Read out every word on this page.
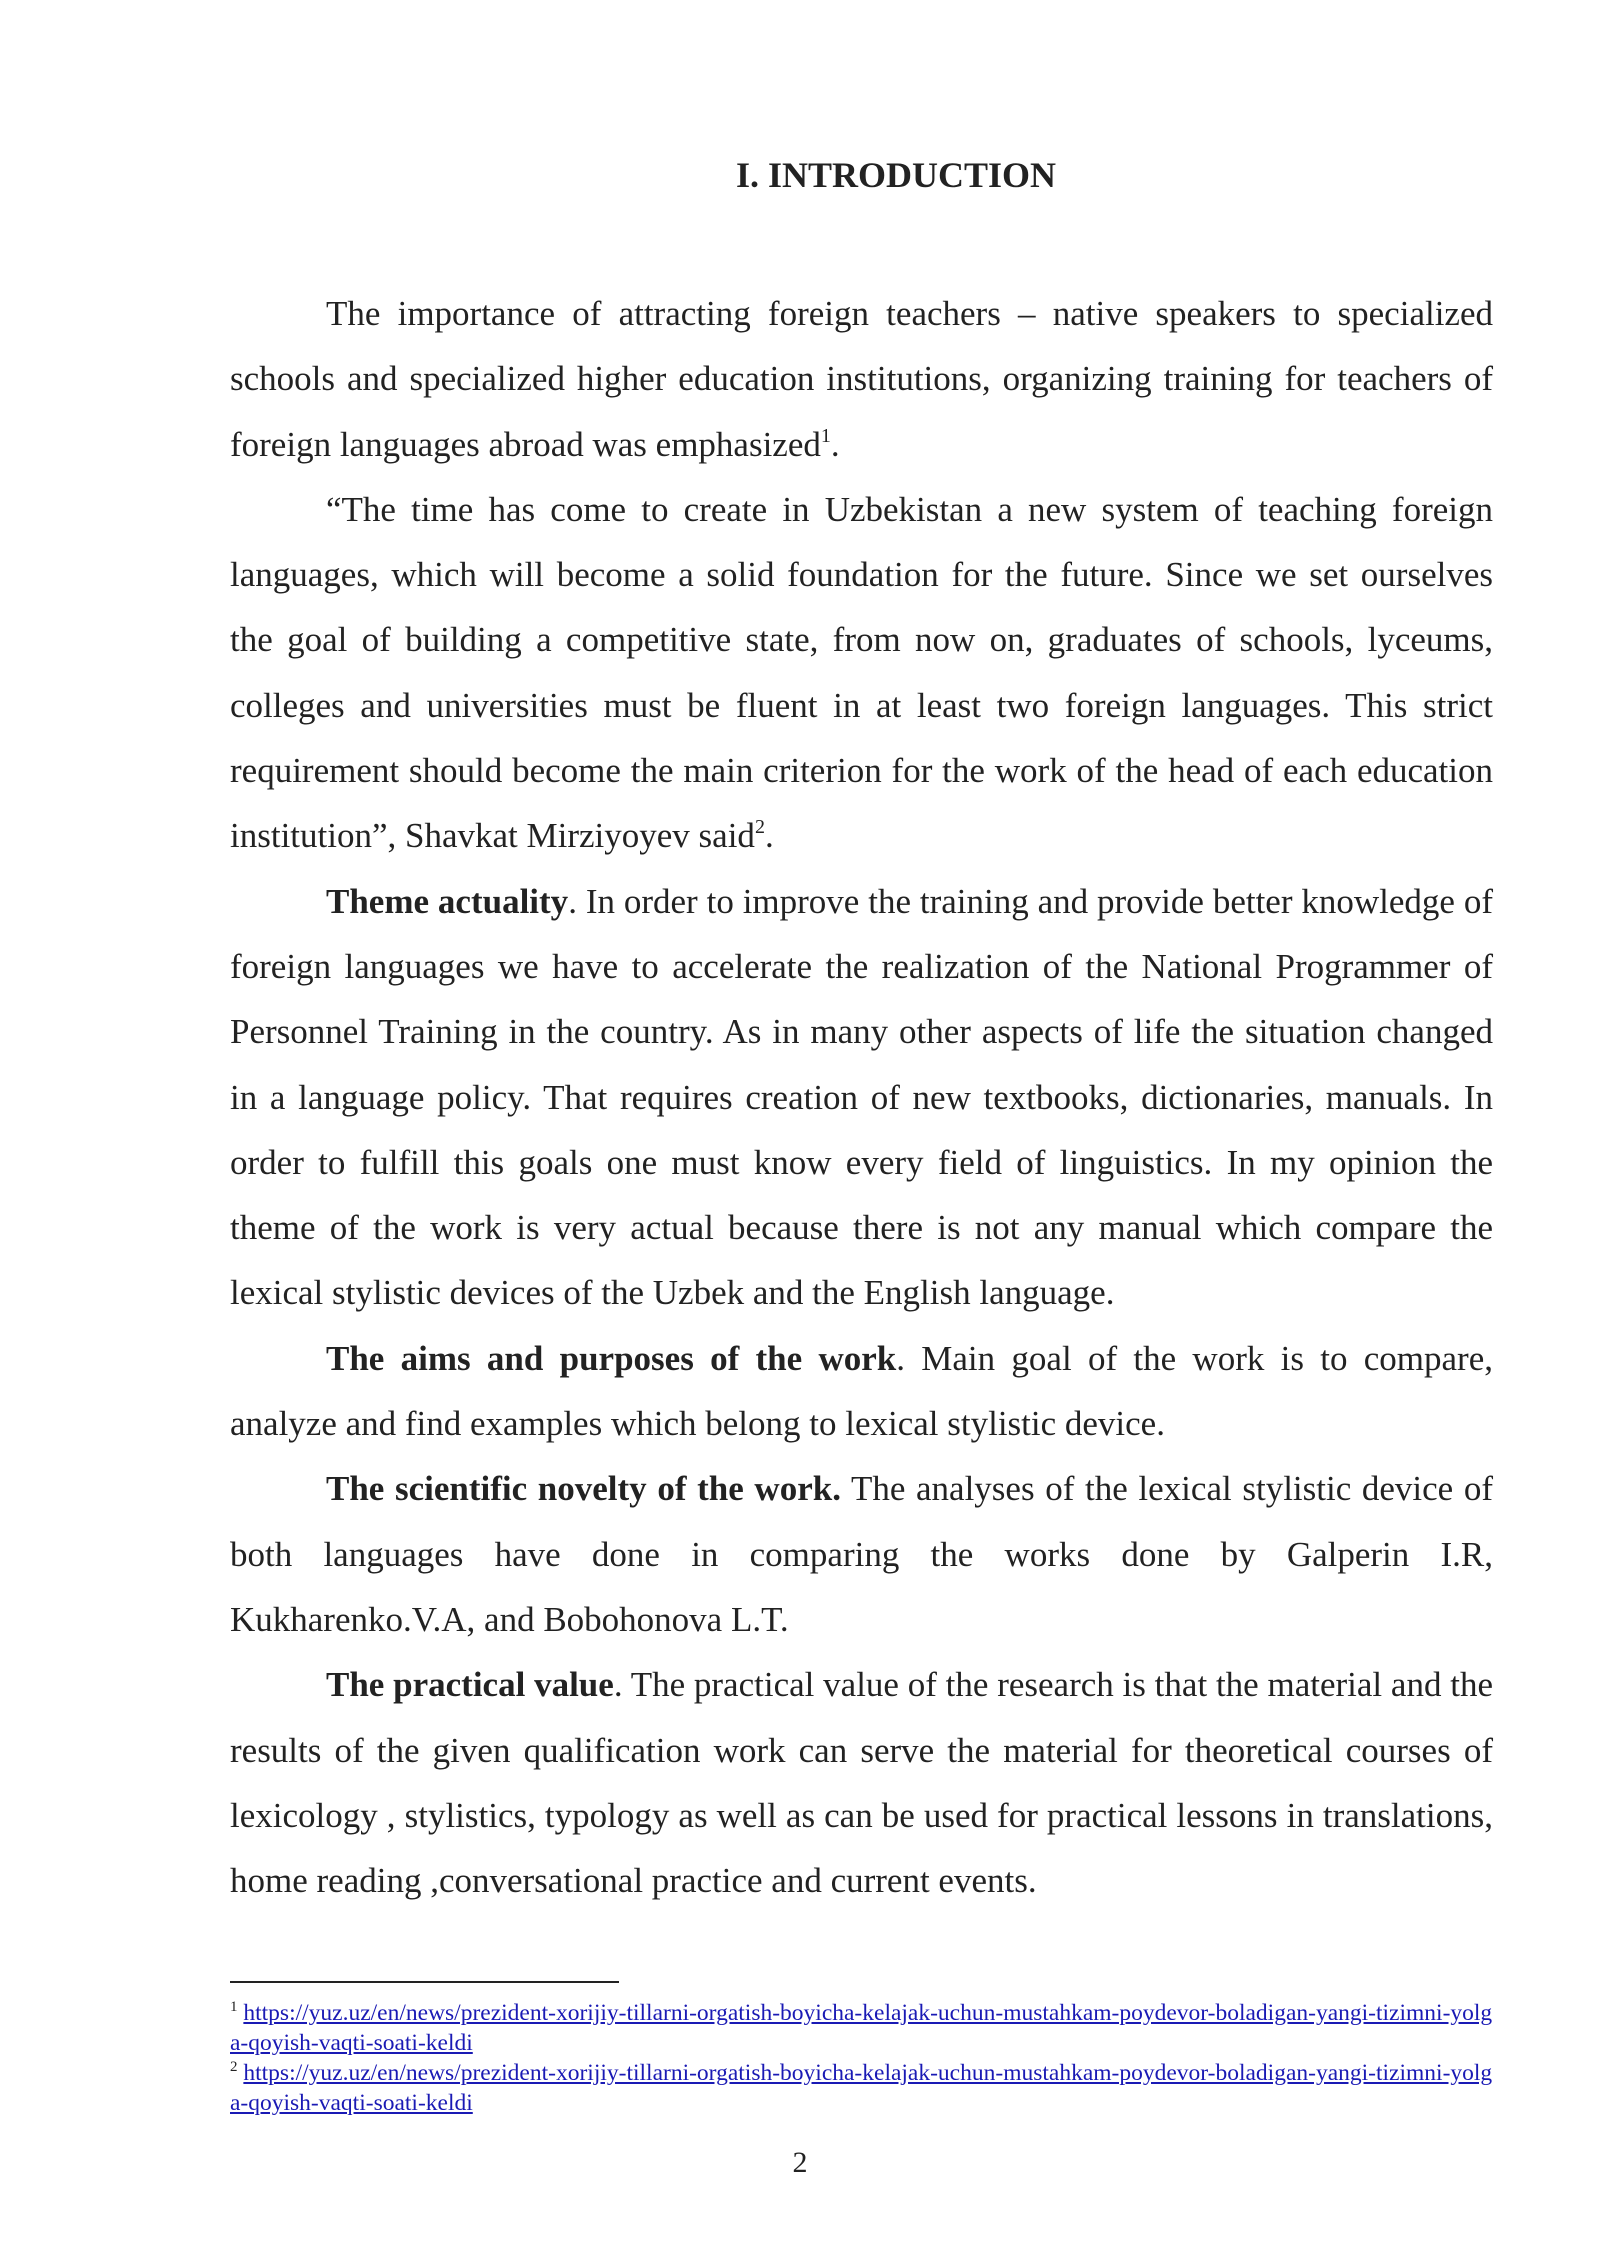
I. INTRODUCTION

The importance of attracting foreign teachers – native speakers to specialized schools and specialized higher education institutions, organizing training for teachers of foreign languages abroad was emphasized$^1$.

“The time has come to create in Uzbekistan a new system of teaching foreign languages, which will become a solid foundation for the future. Since we set ourselves the goal of building a competitive state, from now on, graduates of schools, lyceums, colleges and universities must be fluent in at least two foreign languages. This strict requirement should become the main criterion for the work of the head of each education institution”, Shavkat Mirziyoyev said$^2$.

Theme actuality. In order to improve the training and provide better knowledge of foreign languages we have to accelerate the realization of the National Programmer of Personnel Training in the country. As in many other aspects of life the situation changed in a language policy. That requires creation of new textbooks, dictionaries, manuals. In order to fulfill this goals one must know every field of linguistics. In my opinion the theme of the work is very actual because there is not any manual which compare the lexical stylistic devices of the Uzbek and the English language.

The aims and purposes of the work. Main goal of the work is to compare, analyze and find examples which belong to lexical stylistic device.

The scientific novelty of the work. The analyses of the lexical stylistic device of both languages have done in comparing the works done by Galperin I.R, Kukharenko.V.A, and Bobohonova L.T.

The practical value. The practical value of the research is that the material and the results of the given qualification work can serve the material for theoretical courses of lexicology , stylistics, typology as well as can be used for practical lessons in translations, home reading ,conversational practice and current events.

$^1$ https://yuz.uz/en/news/prezident-xorijiy-tillarni-orgatish-boyicha-kelajak-uchun-mustahkam-poydevor-boladigan-yangi-tizimni-yolga-qoyish-vaqti-soati-keldi

$^2$ https://yuz.uz/en/news/prezident-xorijiy-tillarni-orgatish-boyicha-kelajak-uchun-mustahkam-poydevor-boladigan-yangi-tizimni-yolga-qoyish-vaqti-soati-keldi

2
